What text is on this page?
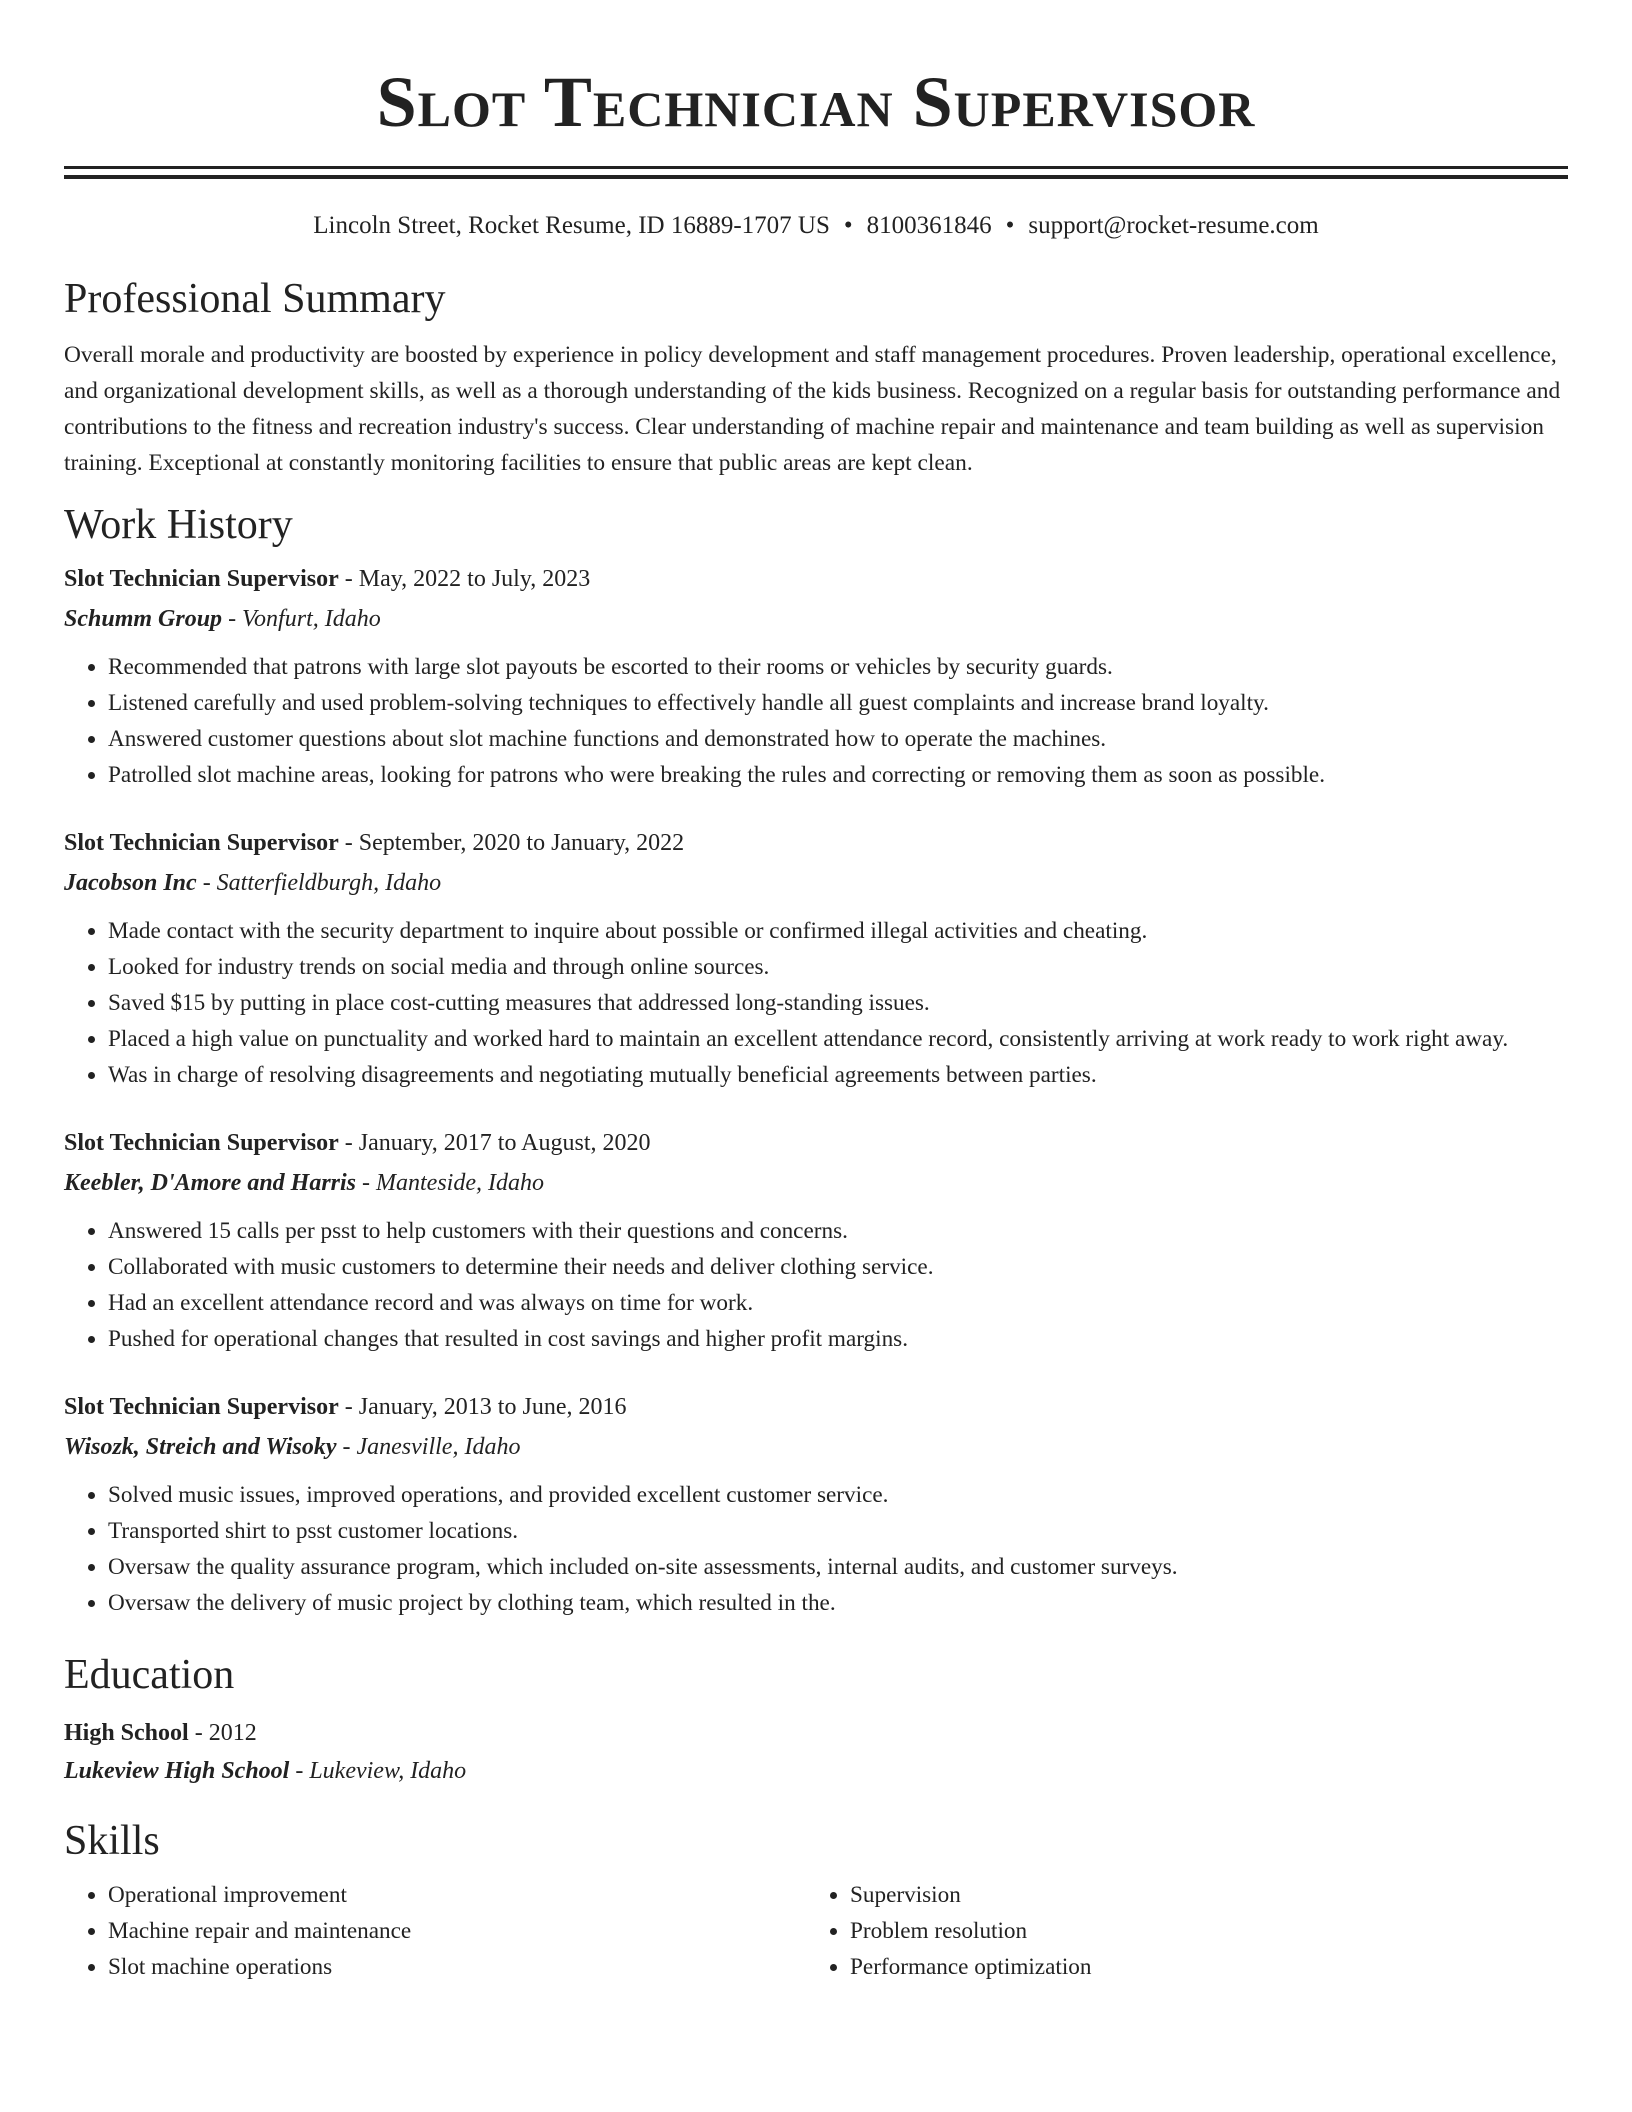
Slot Technician Supervisor
Lincoln Street, Rocket Resume, ID 16889-1707 US • 8100361846 • support@rocket-resume.com
Professional Summary
Overall morale and productivity are boosted by experience in policy development and staff management procedures. Proven leadership, operational excellence, and organizational development skills, as well as a thorough understanding of the kids business. Recognized on a regular basis for outstanding performance and contributions to the fitness and recreation industry's success. Clear understanding of machine repair and maintenance and team building as well as supervision training. Exceptional at constantly monitoring facilities to ensure that public areas are kept clean.
Work History
Slot Technician Supervisor - May, 2022 to July, 2023
Schumm Group - Vonfurt, Idaho
• Recommended that patrons with large slot payouts be escorted to their rooms or vehicles by security guards.
• Listened carefully and used problem-solving techniques to effectively handle all guest complaints and increase brand loyalty.
• Answered customer questions about slot machine functions and demonstrated how to operate the machines.
• Patrolled slot machine areas, looking for patrons who were breaking the rules and correcting or removing them as soon as possible.
Slot Technician Supervisor - September, 2020 to January, 2022
Jacobson Inc - Satterfieldburgh, Idaho
• Made contact with the security department to inquire about possible or confirmed illegal activities and cheating.
• Looked for industry trends on social media and through online sources.
• Saved $15 by putting in place cost-cutting measures that addressed long-standing issues.
• Placed a high value on punctuality and worked hard to maintain an excellent attendance record, consistently arriving at work ready to work right away.
• Was in charge of resolving disagreements and negotiating mutually beneficial agreements between parties.
Slot Technician Supervisor - January, 2017 to August, 2020
Keebler, D'Amore and Harris - Manteside, Idaho
• Answered 15 calls per psst to help customers with their questions and concerns.
• Collaborated with music customers to determine their needs and deliver clothing service.
• Had an excellent attendance record and was always on time for work.
• Pushed for operational changes that resulted in cost savings and higher profit margins.
Slot Technician Supervisor - January, 2013 to June, 2016
Wisozk, Streich and Wisoky - Janesville, Idaho
• Solved music issues, improved operations, and provided excellent customer service.
• Transported shirt to psst customer locations.
• Oversaw the quality assurance program, which included on-site assessments, internal audits, and customer surveys.
• Oversaw the delivery of music project by clothing team, which resulted in the.
Education
High School - 2012
Lukeview High School - Lukeview, Idaho
Skills
• Operational improvement
• Machine repair and maintenance
• Slot machine operations
• Supervision
• Problem resolution
• Performance optimization
